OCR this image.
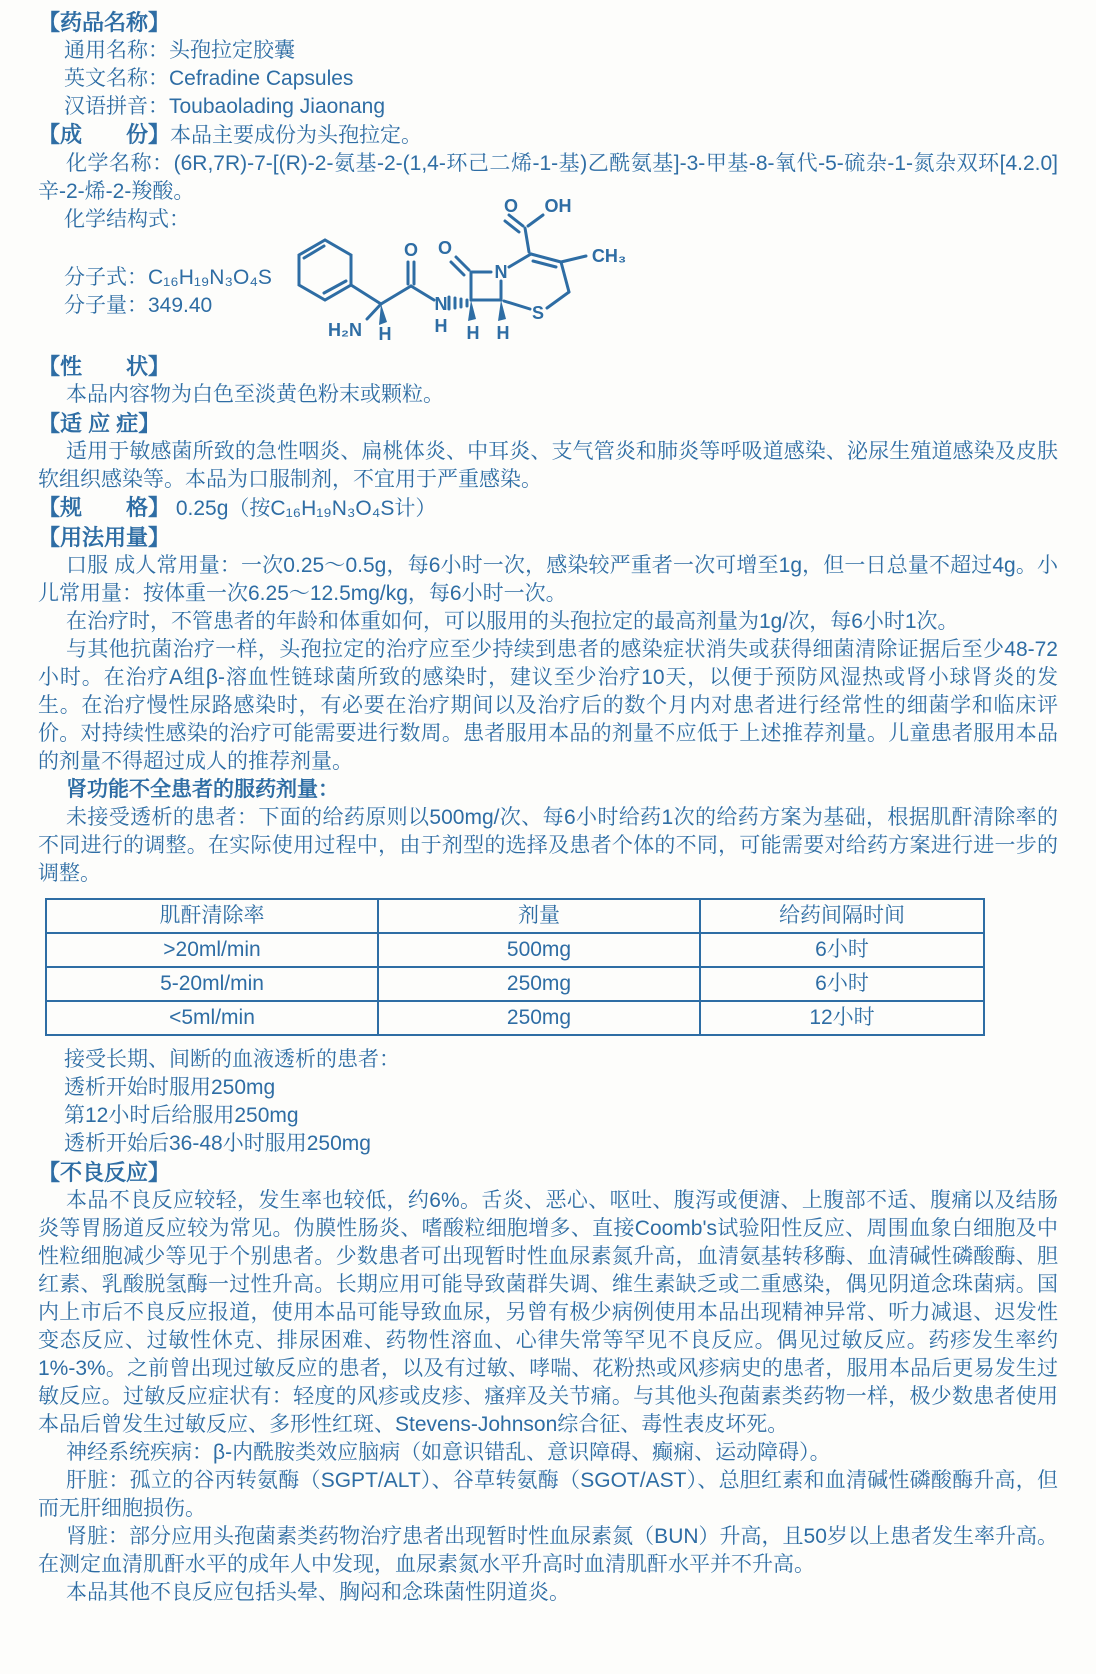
【药品名称】
通用名称：头孢拉定胶囊
英文名称：Cefradine Capsules
汉语拼音：Toubaolading Jiaonang
【成　　份】本品主要成份为头孢拉定。

化学名称：(6R,7R)-7-[(R)-2-氨基-2-(1,4-环己二烯-1-基)乙酰氨基]-3-甲基-8-氧代-5-硫杂-1-氮杂双环[4.2.0]辛-2-烯-2-羧酸。

化学结构式：
分子式：C₁₆H₁₉N₃O₄S
分子量：349.40
O OH
CH₃
O
O
N
N
H
H₂N H	H H
S
【性　　状】

本品内容物为白色至淡黄色粉末或颗粒。

【适 应 症】

适用于敏感菌所致的急性咽炎、扁桃体炎、中耳炎、支气管炎和肺炎等呼吸道感染、泌尿生殖道感染及皮肤软组织感染等。本品为口服制剂，不宜用于严重感染。

【规　　格】 0.25g（按C₁₆H₁₉N₃O₄S计）
【用法用量】

口服 成人常用量：一次0.25～0.5g，每6小时一次，感染较严重者一次可增至1g，但一日总量不超过4g。小儿常用量：按体重一次6.25～12.5mg/kg，每6小时一次。

在治疗时，不管患者的年龄和体重如何，可以服用的头孢拉定的最高剂量为1g/次，每6小时1次。

与其他抗菌治疗一样，头孢拉定的治疗应至少持续到患者的感染症状消失或获得细菌清除证据后至少48-72小时。在治疗A组β-溶血性链球菌所致的感染时，建议至少治疗10天，以便于预防风湿热或肾小球肾炎的发生。在治疗慢性尿路感染时，有必要在治疗期间以及治疗后的数个月内对患者进行经常性的细菌学和临床评价。对持续性感染的治疗可能需要进行数周。患者服用本品的剂量不应低于上述推荐剂量。儿童患者服用本品的剂量不得超过成人的推荐剂量。

肾功能不全患者的服药剂量：

未接受透析的患者：下面的给药原则以500mg/次、每6小时给药1次的给药方案为基础，根据肌酐清除率的不同进行的调整。在实际使用过程中，由于剂型的选择及患者个体的不同，可能需要对给药方案进行进一步的调整。

肌酐清除率	剂量	给药间隔时间
>20ml/min	500mg	6小时
5-20ml/min	250mg	6小时
<5ml/min	250mg	12小时
接受长期、间断的血液透析的患者：
透析开始时服用250mg
第12小时后给服用250mg
透析开始后36-48小时服用250mg
【不良反应】

本品不良反应较轻，发生率也较低，约6%。舌炎、恶心、呕吐、腹泻或便溏、上腹部不适、腹痛以及结肠炎等胃肠道反应较为常见。伪膜性肠炎、嗜酸粒细胞增多、直接Coomb's试验阳性反应、周围血象白细胞及中性粒细胞减少等见于个别患者。少数患者可出现暂时性血尿素氮升高，血清氨基转移酶、血清碱性磷酸酶、胆红素、乳酸脱氢酶一过性升高。长期应用可能导致菌群失调、维生素缺乏或二重感染，偶见阴道念珠菌病。国内上市后不良反应报道，使用本品可能导致血尿，另曾有极少病例使用本品出现精神异常、听力减退、迟发性变态反应、过敏性休克、排尿困难、药物性溶血、心律失常等罕见不良反应。偶见过敏反应。药疹发生率约1%-3%。之前曾出现过敏反应的患者，以及有过敏、哮喘、花粉热或风疹病史的患者，服用本品后更易发生过敏反应。过敏反应症状有：轻度的风疹或皮疹、瘙痒及关节痛。与其他头孢菌素类药物一样，极少数患者使用本品后曾发生过敏反应、多形性红斑、Stevens-Johnson综合征、毒性表皮坏死。

神经系统疾病：β-内酰胺类效应脑病（如意识错乱、意识障碍、癫痫、运动障碍）。

肝脏：孤立的谷丙转氨酶（SGPT/ALT）、谷草转氨酶（SGOT/AST）、总胆红素和血清碱性磷酸酶升高，但而无肝细胞损伤。

肾脏：部分应用头孢菌素类药物治疗患者出现暂时性血尿素氮（BUN）升高，且50岁以上患者发生率升高。在测定血清肌酐水平的成年人中发现，血尿素氮水平升高时血清肌酐水平并不升高。

本品其他不良反应包括头晕、胸闷和念珠菌性阴道炎。
